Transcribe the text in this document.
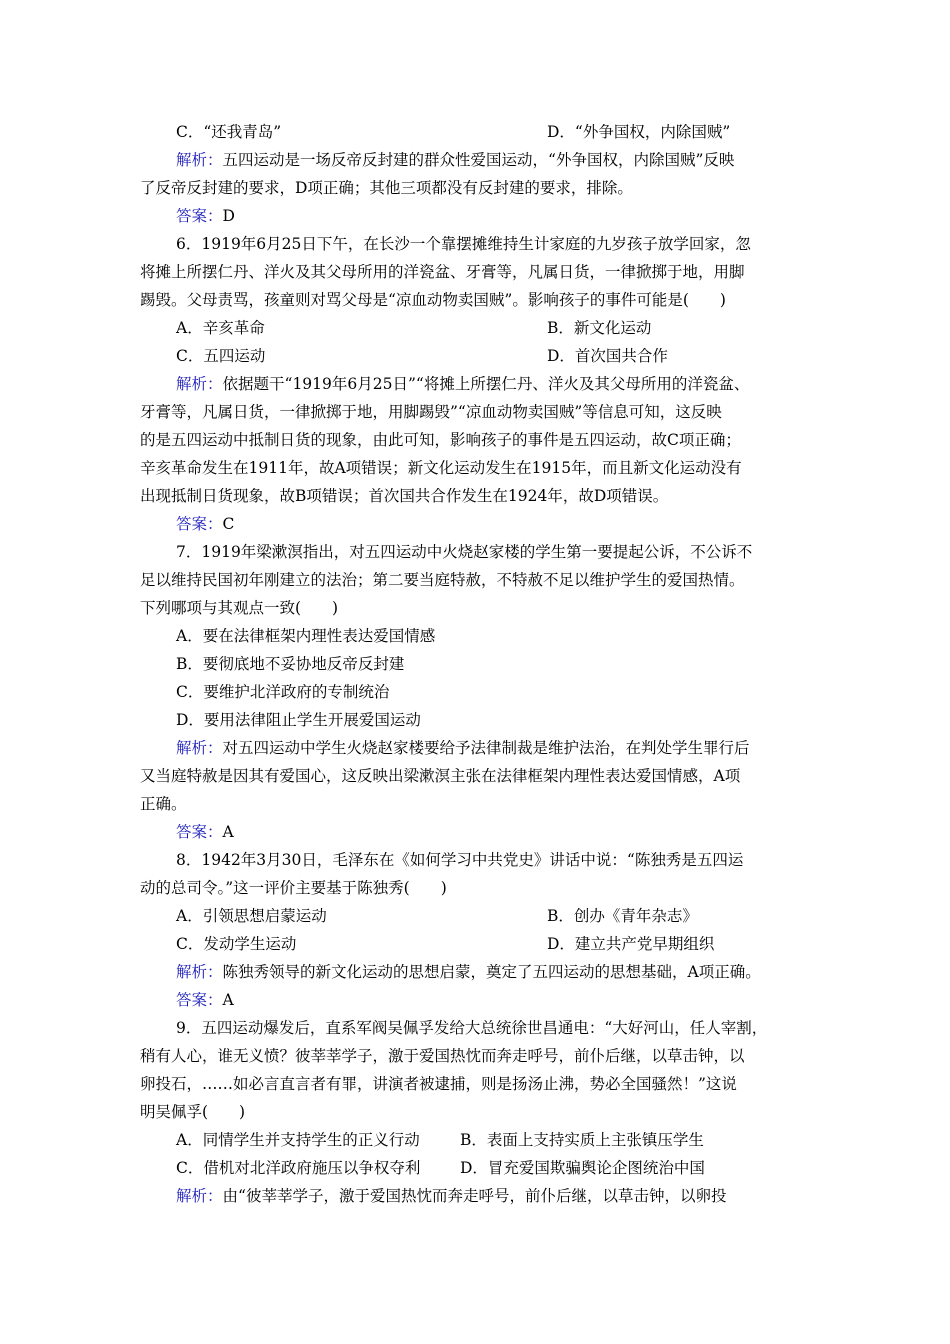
C．“还我青岛”	D．“外争国权，内除国贼”
解析：五四运动是一场反帝反封建的群众性爱国运动，“外争国权，内除国贼”反映
了反帝反封建的要求，D项正确；其他三项都没有反封建的要求，排除。
答案：D
6．1919年6月25日下午，在长沙一个靠摆摊维持生计家庭的九岁孩子放学回家，忽
将摊上所摆仁丹、洋火及其父母所用的洋瓷盆、牙膏等，凡属日货，一律掀掷于地，用脚
踢毁。父母责骂，孩童则对骂父母是“凉血动物卖国贼”。影响孩子的事件可能是(　　)
A．辛亥革命	B．新文化运动
C．五四运动	D．首次国共合作
解析：依据题干“1919年6月25日”“将摊上所摆仁丹、洋火及其父母所用的洋瓷盆、
牙膏等，凡属日货，一律掀掷于地，用脚踢毁”“凉血动物卖国贼”等信息可知，这反映
的是五四运动中抵制日货的现象，由此可知，影响孩子的事件是五四运动，故C项正确；
辛亥革命发生在1911年，故A项错误；新文化运动发生在1915年，而且新文化运动没有
出现抵制日货现象，故B项错误；首次国共合作发生在1924年，故D项错误。
答案：C
7．1919年梁漱溟指出，对五四运动中火烧赵家楼的学生第一要提起公诉，不公诉不
足以维持民国初年刚建立的法治；第二要当庭特赦，不特赦不足以维护学生的爱国热情。
下列哪项与其观点一致(　　)
A．要在法律框架内理性表达爱国情感
B．要彻底地不妥协地反帝反封建
C．要维护北洋政府的专制统治
D．要用法律阻止学生开展爱国运动
解析：对五四运动中学生火烧赵家楼要给予法律制裁是维护法治，在判处学生罪行后
又当庭特赦是因其有爱国心，这反映出梁漱溟主张在法律框架内理性表达爱国情感，A项
正确。
答案：A
8．1942年3月30日，毛泽东在《如何学习中共党史》讲话中说：“陈独秀是五四运
动的总司令。”这一评价主要基于陈独秀(　　)
A．引领思想启蒙运动	B．创办《青年杂志》
C．发动学生运动	D．建立共产党早期组织
解析：陈独秀领导的新文化运动的思想启蒙，奠定了五四运动的思想基础，A项正确。
答案：A
9．五四运动爆发后，直系军阀吴佩孚发给大总统徐世昌通电：“大好河山，任人宰割，
稍有人心，谁无义愤？彼莘莘学子，激于爱国热忱而奔走呼号，前仆后继，以草击钟，以
卵投石，……如必言直言者有罪，讲演者被逮捕，则是扬汤止沸，势必全国骚然！”这说
明吴佩孚(　　)
A．同情学生并支持学生的正义行动	B．表面上支持实质上主张镇压学生
C．借机对北洋政府施压以争权夺利	D．冒充爱国欺骗舆论企图统治中国
解析：由“彼莘莘学子，激于爱国热忱而奔走呼号，前仆后继，以草击钟，以卵投
